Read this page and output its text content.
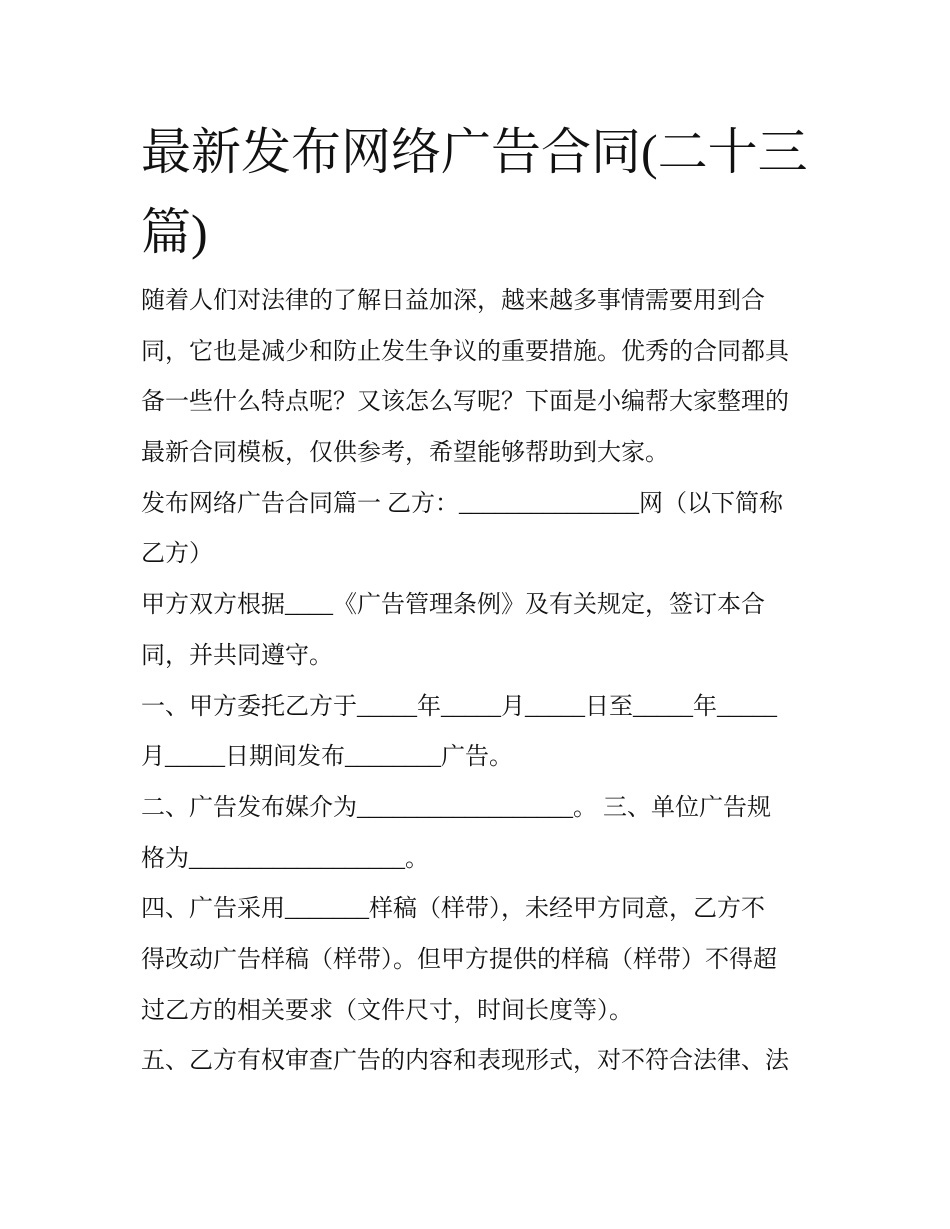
最新发布网络广告合同(二十三
篇)
随着人们对法律的了解日益加深，越来越多事情需要用到合
同，它也是减少和防止发生争议的重要措施。优秀的合同都具
备一些什么特点呢？又该怎么写呢？下面是小编帮大家整理的
最新合同模板，仅供参考，希望能够帮助到大家。
发布网络广告合同篇一 乙方：_______________网（以下简称
乙方）
甲方双方根据____《广告管理条例》及有关规定，签订本合
同，并共同遵守。
一、甲方委托乙方于_____年_____月_____日至_____年_____
月_____日期间发布________广告。
二、广告发布媒介为__________________。 三、单位广告规
格为__________________。
四、广告采用_______样稿（样带），未经甲方同意，乙方不
得改动广告样稿（样带）。但甲方提供的样稿（样带）不得超
过乙方的相关要求（文件尺寸，时间长度等）。
五、乙方有权审查广告的内容和表现形式，对不符合法律、法
